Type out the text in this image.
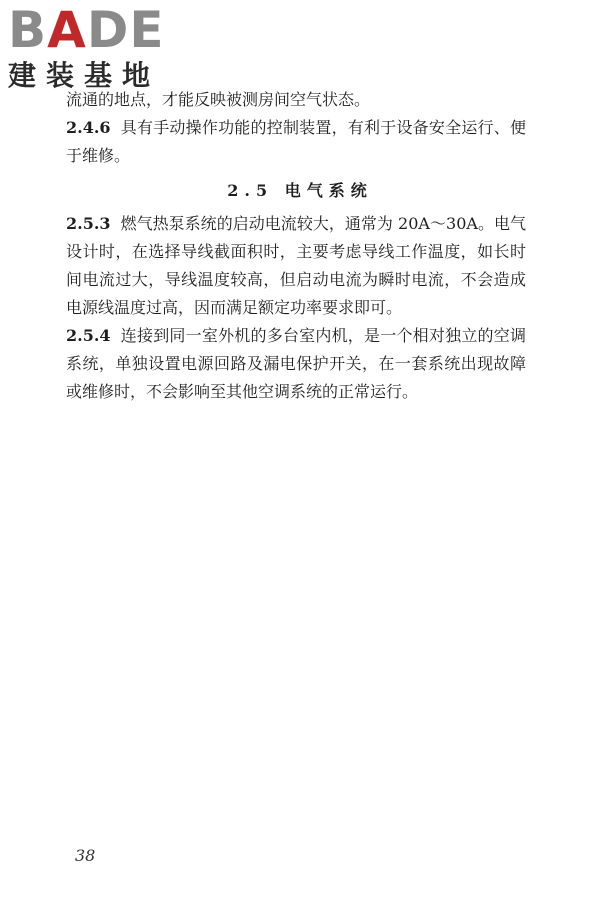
BADE
建装基地

流通的地点，才能反映被测房间空气状态。

2.4.6 具有手动操作功能的控制装置，有利于设备安全运行、便于维修。

2.5 电气系统

2.5.3 燃气热泵系统的启动电流较大，通常为 20A～30A。电气设计时，在选择导线截面积时，主要考虑导线工作温度，如长时间电流过大，导线温度较高，但启动电流为瞬时电流，不会造成电源线温度过高，因而满足额定功率要求即可。

2.5.4 连接到同一室外机的多台室内机，是一个相对独立的空调系统，单独设置电源回路及漏电保护开关，在一套系统出现故障或维修时，不会影响至其他空调系统的正常运行。

38
